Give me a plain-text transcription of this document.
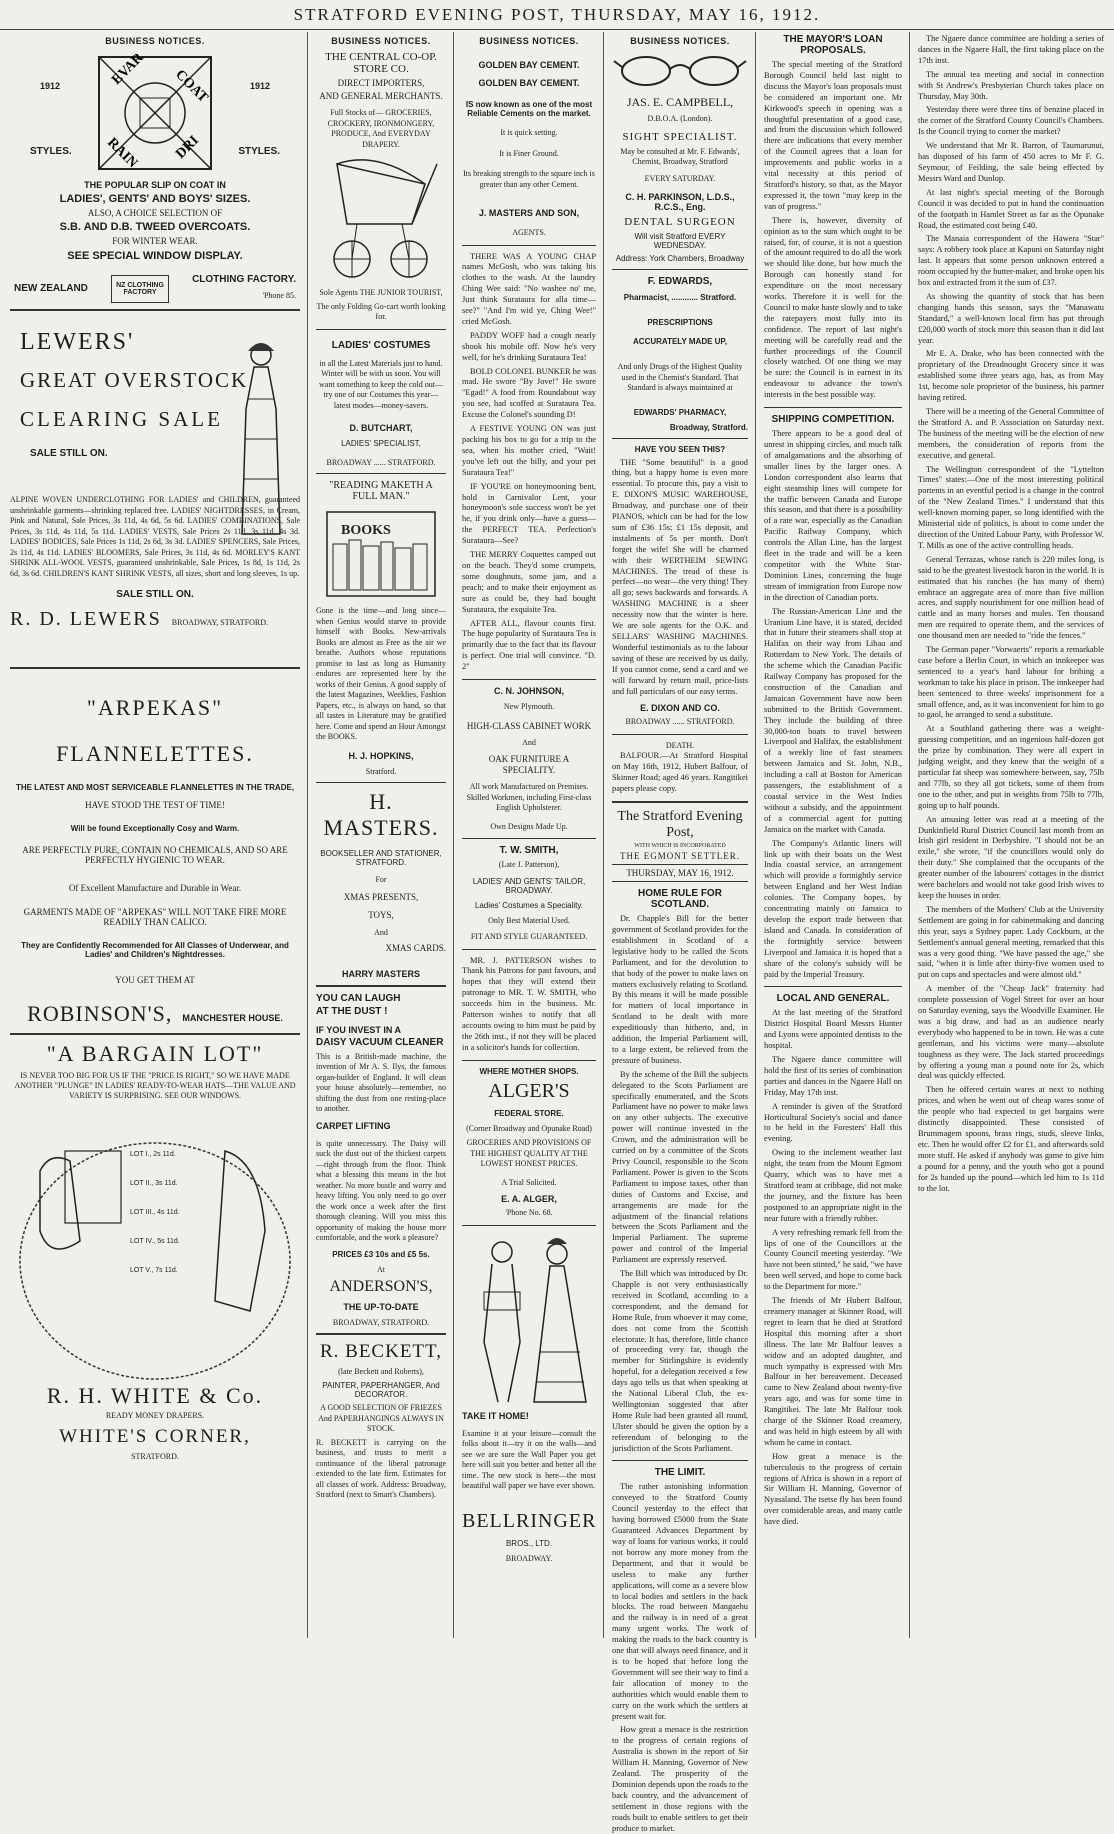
STRATFORD EVENING POST, THURSDAY, MAY 16, 1912.
BUSINESS NOTICES.
1912	1912
STYLES.	STYLES.
EVAR COAT
RAIN DRI
THE POPULAR SLIP ON COAT IN
LADIES', GENTS' AND BOYS' SIZES.
ALSO, A CHOICE SELECTION OF
S.B. AND D.B. TWEED OVERCOATS.
FOR WINTER WEAR.
SEE SPECIAL WINDOW DISPLAY.
NEW ZEALAND	NZ CLOTHING FACTORY
CLOTHING FACTORY.
'Phone 85.
LEWERS'
GREAT OVERSTOCK
CLEARING SALE
SALE STILL ON.
ALPINE WOVEN UNDERCLOTHING FOR LADIES' and CHILDREN, guaranteed unshrinkable garments—shrinking replaced free. LADIES' NIGHTDRESSES, in Cream, Pink and Natural, Sale Prices, 3s 11d, 4s 6d, 5s 6d. LADIES' COMBINATIONS, Sale Prices, 3s 11d, 4s 11d, 5s 11d. LADIES' VESTS, Sale Prices 2s 11d, 3s 11d, 4s 3d. LADIES' BODICES, Sale Prices 1s 11d, 2s 6d, 3s 3d. LADIES' SPENCERS, Sale Prices, 2s 11d, 4s 11d. LADIES' BLOOMERS, Sale Prices, 3s 11d, 4s 6d. MORLEY'S KANT SHRINK ALL-WOOL VESTS, guaranteed unshrinkable, Sale Prices, 1s 8d, 1s 11d, 2s 6d, 3s 6d. CHILDREN'S KANT SHRINK VESTS, all sizes, short and long sleeves, 1s up.
SALE STILL ON.
R. D. LEWERS BROADWAY, STRATFORD.
"ARPEKAS"
FLANNELETTES.
THE LATEST AND MOST SERVICEABLE FLANNELETTES IN THE TRADE,
HAVE STOOD THE TEST OF TIME!
Will be found Exceptionally Cosy and Warm.
ARE PERFECTLY PURE, CONTAIN NO CHEMICALS, AND SO ARE PERFECTLY HYGIENIC TO WEAR.
Of Excellent Manufacture and Durable in Wear.
GARMENTS MADE OF "ARPEKAS" WILL NOT TAKE FIRE MORE READILY THAN CALICO.
They are Confidently Recommended for All Classes of Underwear, and Ladies' and Children's Nightdresses.
YOU GET THEM AT
ROBINSON'S, MANCHESTER HOUSE.
"A BARGAIN LOT"
IS NEVER TOO BIG FOR US IF THE "PRICE IS RIGHT," SO WE HAVE MADE ANOTHER "PLUNGE" IN LADIES' READY-TO-WEAR HATS—THE VALUE AND VARIETY IS SURPRISING. SEE OUR WINDOWS.
LOT I., 2s 11d.
LOT II., 3s 11d.
LOT III., 4s 11d.
LOT IV., 5s 11d.
LOT V., 7s 11d.
R. H. WHITE & Co.
READY MONEY DRAPERS.
WHITE'S CORNER,
STRATFORD.
BUSINESS NOTICES.
THE CENTRAL CO-OP. STORE CO.
DIRECT IMPORTERS,
AND GENERAL MERCHANTS.
Full Stocks of— GROCERIES, CROCKERY, IRONMONGERY, PRODUCE, And EVERYDAY DRAPERY.
Sole Agents THE JUNIOR TOURIST,
The only Folding Go-cart worth looking for.
LADIES' COSTUMES
in all the Latest Materials just to hand. Winter will be with us soon. You will want something to keep the cold out—try one of our Costumes this year—latest modes—money-savers.
D. BUTCHART,
LADIES' SPECIALIST,
BROADWAY ...... STRATFORD.
"READING MAKETH A FULL MAN."
BOOKS
Gone is the time—and long since—when Genius would starve to provide himself with Books. New-arrivals Books are almost as Free as the air we breathe. Authors whose reputations promise to last as long as Humanity endures are represented here by the works of their Genius. A good supply of the latest Magazines, Weeklies, Fashion Papers, etc., is always on hand, so that all tastes in Literature may be gratified here. Come and spend an Hour Amongst the BOOKS.
H. J. HOPKINS,
Stratford.
H. MASTERS.
BOOKSELLER AND STATIONER, STRATFORD.
For
XMAS PRESENTS,
TOYS,
And
XMAS CARDS.
HARRY MASTERS
YOU CAN LAUGH
AT THE DUST !
IF YOU INVEST IN A
DAISY VACUUM CLEANER
This is a British-made machine, the invention of Mr A. S. Ilys, the famous organ-builder of England. It will clean your house absolutely—remember, no shifting the dust from one resting-place to another.
CARPET LIFTING
is quite unnecessary. The Daisy will suck the dust out of the thickest carpets—right through from the floor. Think what a blessing this means in the hot weather. No more bustle and worry and heavy lifting. You only need to go over the work once a week after the first thorough cleaning. Will you miss this opportunity of making the house more comfortable, and the work a pleasure?
PRICES £3 10s and £5 5s.
At
ANDERSON'S,
THE UP-TO-DATE
BROADWAY, STRATFORD.
R. BECKETT,
(late Beckett and Roberts),
PAINTER, PAPERHANGER, And DECORATOR.
A GOOD SELECTION OF FRIEZES And PAPERHANGINGS ALWAYS IN STOCK.
R. BECKETT is carrying on the business, and trusts to merit a continuance of the liberal patronage extended to the late firm. Estimates for all classes of work. Address: Broadway, Stratford (next to Smart's Chambers).
BUSINESS NOTICES.
GOLDEN BAY CEMENT.
GOLDEN BAY CEMENT.
IS now known as one of the most Reliable Cements on the market.
It is quick setting.
It is Finer Ground.
Its breaking strength to the square inch is greater than any other Cement.
J. MASTERS AND SON,
AGENTS.

THERE WAS A YOUNG CHAP names McGosh, who was taking his clothes to the wash. At the laundry Ching Wee said: "No washee no' me, Just think Surataura for alla time—see?" "And I'm wid ye, Ching Wee!" cried McGosh.

PADDY WOFF had a cough nearly shook his mobile off. Now he's very well, for he's drinking Surataura Tea!

BOLD COLONEL BUNKER he was mad. He swore "By Jove!" He swore "Egad!" A food from Roundabout way you see, had scoffed at Surataura Tea. Excuse the Colonel's sounding D!

A FESTIVE YOUNG ON was just packing his box to go for a trip to the sea, when his mother cried, "Wait! you've left out the billy, and your pet Surataura Tea!"

IF YOU'RE on honeymooning bent, hold in Carnivalor Lent, your honeymoon's sole success won't be yet he, if you drink only—have a guess—the PERFECT TEA. Perfection's Surataura—See?

THE MERRY Coquettes camped out on the beach. They'd some crumpets, some doughnuts, some jam, and a peach; and to make their enjoyment as sure as could be, they had bought Surataura, the exquisite Tea.

AFTER ALL, flavour counts first. The huge popularity of Surataura Tea is primarily due to the fact that its flavour is perfect. One trial will convince. "D. 2"

C. N. JOHNSON,
New Plymouth.
HIGH-CLASS CABINET WORK
And
OAK FURNITURE A SPECIALITY.
All work Manufactured on Premises. Skilled Workmen, including First-class English Upholsterer.
Own Designs Made Up.
T. W. SMITH,
(Late J. Patterson),
LADIES' AND GENTS' TAILOR, BROADWAY.
Ladies' Costumes a Speciality.
Only Best Material Used.
FIT AND STYLE GUARANTEED.

MR. J. PATTERSON wishes to Thank his Patrons for past favours, and hopes that they will extend their patronage to MR. T. W. SMITH, who succeeds him in the business. Mr. Patterson wishes to notify that all accounts owing to him must be paid by the 26th inst., if not they will be placed in a solicitor's hands for collection.

WHERE MOTHER SHOPS.
ALGER'S
FEDERAL STORE.
(Corner Broadway and Opunake Road)
GROCERIES AND PROVISIONS OF THE HIGHEST QUALITY AT THE LOWEST HONEST PRICES.
A Trial Solicited.
E. A. ALGER,
'Phone No. 68.
TAKE IT HOME!
Examine it at your leisure—consult the folks about it—try it on the walls—and see we are sure the Wall Paper you get here will suit you better and better all the time. The new stock is here—the most beautiful wall paper we have ever shown.
BELLRINGER
BROS., LTD.
BROADWAY.
BUSINESS NOTICES.
JAS. E. CAMPBELL,
D.B.O.A. (London).
SIGHT SPECIALIST.
May be consulted at Mr. F. Edwards', Chemist, Broadway, Stratford
EVERY SATURDAY.
C. H. PARKINSON, L.D.S., R.C.S., Eng.
DENTAL SURGEON
Will visit Stratford EVERY WEDNESDAY.
Address: York Chambers, Broadway
F. EDWARDS,
Pharmacist, ............ Stratford.
PRESCRIPTIONS
ACCURATELY MADE UP,
And only Drugs of the Highest Quality used in the Chemist's Standard. That Standard is always maintained at
EDWARDS' PHARMACY,
Broadway, Stratford.
HAVE YOU SEEN THIS?

THE "Some beautiful" is a good thing, but a happy home is even more essential. To procure this, pay a visit to E. DIXON'S MUSIC WAREHOUSE, Broadway, and purchase one of their PIANOS, which can be had for the low sum of £36 15s; £1 15s deposit, and instalments of 5s per month. Don't forget the wife! She will be charmed with their WERTHEIM SEWING MACHINES. The tread of these is perfect—no wear—the very thing! They all go; sews backwards and forwards. A WASHING MACHINE is a sheer necessity now that the winter is here. We are sole agents for the O.K. and SELLARS' WASHING MACHINES. Wonderful testimonials as to the labour saving of these are received by us daily. If you cannot come, send a card and we will forward by return mail, price-lists and full particulars of our easy terms.

E. DIXON AND CO.
BROADWAY ...... STRATFORD.
DEATH.

BALFOUR.—At Stratford Hospital on May 16th, 1912, Hubert Balfour, of Skinner Road; aged 46 years. Rangitikei papers please copy.

The Stratford Evening Post,
WITH WHICH IS INCORPORATED
THE EGMONT SETTLER.
THURSDAY, MAY 16, 1912.
HOME RULE FOR SCOTLAND.

Dr. Chapple's Bill for the better government of Scotland provides for the establishment in Scotland of a legislative body to be called the Scots Parliament, and for the devolution to that body of the power to make laws on matters exclusively relating to Scotland. By this means it will be made possible for matters of local importance in Scotland to be dealt with more expeditiously than hitherto, and, in addition, the Imperial Parliament will, to a large extent, be relieved from the pressure of business.

By the scheme of the Bill the subjects delegated to the Scots Parliament are specifically enumerated, and the Scots Parliament have no power to make laws on any other subjects. The executive power will continue invested in the Crown, and the administration will be carried on by a committee of the Scots Privy Council, responsible to the Scots Parliament. Power is given to the Scots Parliament to impose taxes, other than duties of Customs and Excise, and arrangements are made for the adjustment of the financial relations between the Scots Parliament and the Imperial Parliament. The supreme power and control of the Imperial Parliament are expressly reserved.

The Bill which was introduced by Dr. Chapple is not very enthusiastically received in Scotland, according to a correspondent, and the demand for Home Rule, from whoever it may come, does not come from the Scottish electorate. It has, therefore, little chance of proceeding very far, though the member for Stirlingshire is evidently hopeful, for a delegation received a few days ago tells us that when speaking at the National Liberal Club, the ex-Wellingtonian suggested that after Home Rule had been granted all round, Ulster should be given the option by a referendum of belonging to the jurisdiction of the Scots Parliament.

THE LIMIT.

The rather astonishing information conveyed to the Stratford County Council yesterday to the effect that having borrowed £5000 from the State Guaranteed Advances Department by way of loans for various works, it could not borrow any more money from the Department, and that it would be useless to make any further applications, will come as a severe blow to local bodies and settlers in the back blocks. The road between Mangaehu and the railway is in need of a great many urgent works. The work of making the roads to the back country is one that will always need finance, and it is to be hoped that before long the Government will see their way to find a fair allocation of money to the authorities which would enable them to carry on the work which the settlers at present wait for.

How great a menace is the restriction to the progress of certain regions of Australia is shown in the report of Sir William H. Manning, Governor of New Zealand. The prosperity of the Dominion depends upon the roads to the back country, and the advancement of settlement in those regions with the roads built to enable settlers to get their produce to market.

THE MAYOR'S LOAN PROPOSALS.

The special meeting of the Stratford Borough Council held last night to discuss the Mayor's loan proposals must be considered an important one. Mr Kirkwood's speech in opening was a thoughtful presentation of a good case, and from the discussion which followed there are indications that every member of the Council agrees that a loan for improvements and public works in a vital necessity at this period of Stratford's history, so that, as the Mayor expressed it, the town "may keep in the van of progress."

There is, however, diversity of opinion as to the sum which ought to be raised, for, of course, it is not a question of the amount required to do all the work we should like done, but how much the Borough can honestly stand for expenditure on the most necessary works. Therefore it is well for the Council to make haste slowly and to take the ratepayers most fully into its confidence. The report of last night's meeting will be carefully read and the further proceedings of the Council closely watched. Of one thing we may be sure: the Council is in earnest in its endeavour to advance the town's interests in the best possible way.

SHIPPING COMPETITION.

There appears to be a good deal of unrest in shipping circles, and much talk of amalgamations and the absorbing of smaller lines by the larger ones. A London correspondent also learns that eight steamship lines will compete for the traffic between Canada and Europe this season, and that there is a possibility of a rate war, especially as the Canadian Pacific Railway Company, which controls the Allan Line, has the largest fleet in the trade and will be a keen competitor with the White Star-Dominion Lines, concerning the huge stream of immigration from Europe now in the direction of Canadian ports.

The Russian-American Line and the Uranium Line have, it is stated, decided that in future their steamers shall stop at Halifax on their way from Libau and Rotterdam to New York. The details of the scheme which the Canadian Pacific Railway Company has proposed for the construction of the Canadian and Jamaican Government have now been submitted to the British Government. They include the building of three 30,000-ton boats to travel between Liverpool and Halifax, the establishment of a weekly line of fast steamers between Jamaica and St. John, N.B., including a call at Boston for American passengers, the establishment of a coastal service in the West Indies without a subsidy, and the appointment of a commercial agent for putting Jamaica on the market with Canada.

The Company's Atlantic liners will link up with their boats on the West India coastal service, an arrangement which will provide a fortnightly service between England and her West Indian colonies. The Company hopes, by concentrating mainly on Jamaica to develop the export trade between that island and Canada. In consideration of the fortnightly service between Liverpool and Jamaica it is hoped that a share of the colony's subsidy will be paid by the Imperial Treasury.

LOCAL AND GENERAL.

At the last meeting of the Stratford District Hospital Board Messrs Hunter and Lyons were appointed dentists to the hospital.

The Ngaere dance committee will hold the first of its series of combination parties and dances in the Ngaere Hall on Friday, May 17th inst.

A reminder is given of the Stratford Horticultural Society's social and dance to be held in the Foresters' Hall this evening.

Owing to the inclement weather last night, the team from the Mount Egmont Quarry, which was to have met a Stratford team at cribbage, did not make the journey, and the fixture has been postponed to an appropriate night in the near future with a friendly rubber.

A very refreshing remark fell from the lips of one of the Councillors at the County Council meeting yesterday. "We have not been stinted," he said, "we have been well served, and hope to come back to the Department for more."

The friends of Mr Hubert Balfour, creamery manager at Skinner Road, will regret to learn that he died at Stratford Hospital this morning after a short illness. The late Mr Balfour leaves a widow and an adopted daughter, and much sympathy is expressed with Mrs Balfour in her bereavement. Deceased came to New Zealand about twenty-five years ago, and was for some time in Rangitikei. The late Mr Balfour took charge of the Skinner Road creamery, and was held in high esteem by all with whom he came in contact.

How great a menace is the tuberculosis to the progress of certain regions of Africa is shown in a report of Sir William H. Manning, Governor of Nyasaland. The tsetse fly has been found over considerable areas, and many cattle have died.

The Ngaere dance committee are holding a series of dances in the Ngaere Hall, the first taking place on the 17th inst.

The annual tea meeting and social in connection with St Andrew's Presbyterian Church takes place on Thursday, May 30th.

Yesterday there were three tins of benzine placed in the corner of the Stratford County Council's Chambers. Is the Council trying to corner the market?

We understand that Mr R. Barron, of Taumarunui, has disposed of his farm of 450 acres to Mr F. G. Seymour, of Feilding, the sale being effected by Messrs Ward and Dunlop.

At last night's special meeting of the Borough Council it was decided to put in hand the continuation of the footpath in Hamlet Street as far as the Opunake Road, the estimated cost being £40.

The Manaia correspondent of the Hawera "Star" says: A robbery took place at Kapuni on Saturday night last. It appears that some person unknown entered a room occupied by the butter-maker, and broke open his box and extracted from it the sum of £37.

As showing the quantity of stock that has been changing hands this season, says the "Manawatu Standard," a well-known local firm has put through £20,000 worth of stock more this season than it did last year.

Mr E. A. Drake, who has been connected with the proprietary of the Dreadnought Grocery since it was established some three years ago, has, as from May 1st, become sole proprietor of the business, his partner having retired.

There will be a meeting of the General Committee of the Stratford A. and P. Association on Saturday next. The business of the meeting will be the election of new members, the consideration of reports from the executive, and general.

The Wellington correspondent of the "Lyttelton Times" states:—One of the most interesting political portents in an eventful period is a change in the control of the "New Zealand Times." I understand that this well-known morning paper, so long identified with the Ministerial side of politics, is about to come under the direction of the United Labour Party, with Professor W. T. Mills as one of the active controlling heads.

General Terrazas, whose ranch is 220 miles long, is said to be the greatest livestock baron in the world. It is estimated that his ranches (he has many of them) embrace an aggregate area of more than five million acres, and supply nourishment for one million head of cattle and as many horses and mules. Ten thousand men are required to operate them, and the services of one thousand men are needed to "ride the fences."

The German paper "Vorwaerts" reports a remarkable case before a Berlin Court, in which an innkeeper was sentenced to a year's hard labour for bribing a workman to take his place in prison. The innkeeper had been sentenced to three weeks' imprisonment for a small offence, and, as it was inconvenient for him to go to gaol, he arranged to send a substitute.

At a Southland gathering there was a weight-guessing competition, and an ingenious half-dozen got the prize by combination. They were all expert in judging weight, and they knew that the weight of a particular fat sheep was somewhere between, say, 75lb and 77lb, so they all got tickets, some of them from one to the other, and put in weights from 75lb to 77lb, going up to half pounds.

An amusing letter was read at a meeting of the Dunkinfield Rural District Council last month from an Irish girl resident in Derbyshire. "I should not be an exile," she wrote, "if the councillors would only do their duty." She complained that the occupants of the greater number of the labourers' cottages in the district were bachelors and would not take good Irish wives to keep the houses in order.

The members of the Mothers' Club at the University Settlement are going in for cabinetmaking and dancing this year, says a Sydney paper. Lady Cockburn, at the Settlement's annual general meeting, remarked that this was a very good thing. "We have passed the age," she said, "when it is little after thirty-five women used to put on caps and spectacles and were almost old."

A member of the "Cheap Jack" fraternity had complete possession of Vogel Street for over an hour on Saturday evening, says the Woodville Examiner. He was a big draw, and had as an audience nearly everybody who happened to be in town. He was a cute gentleman, and his victims were many—absolute toughness as they were. The Jack started proceedings by offering a young man a pound note for 2s, which deal was quickly effected.

Then he offered certain wares at next to nothing prices, and when he went out of cheap wares some of the people who had expected to get bargains were distinctly disappointed. These consisted of Brummagem spoons, brass rings, studs, sleeve links, etc. Then he would offer £2 for £1, and afterwards sold more stuff. He asked if anybody was game to give him a pound for a penny, and the youth who got a pound for 2s handed up the pound—which led him to 1s 11d to the lot.
